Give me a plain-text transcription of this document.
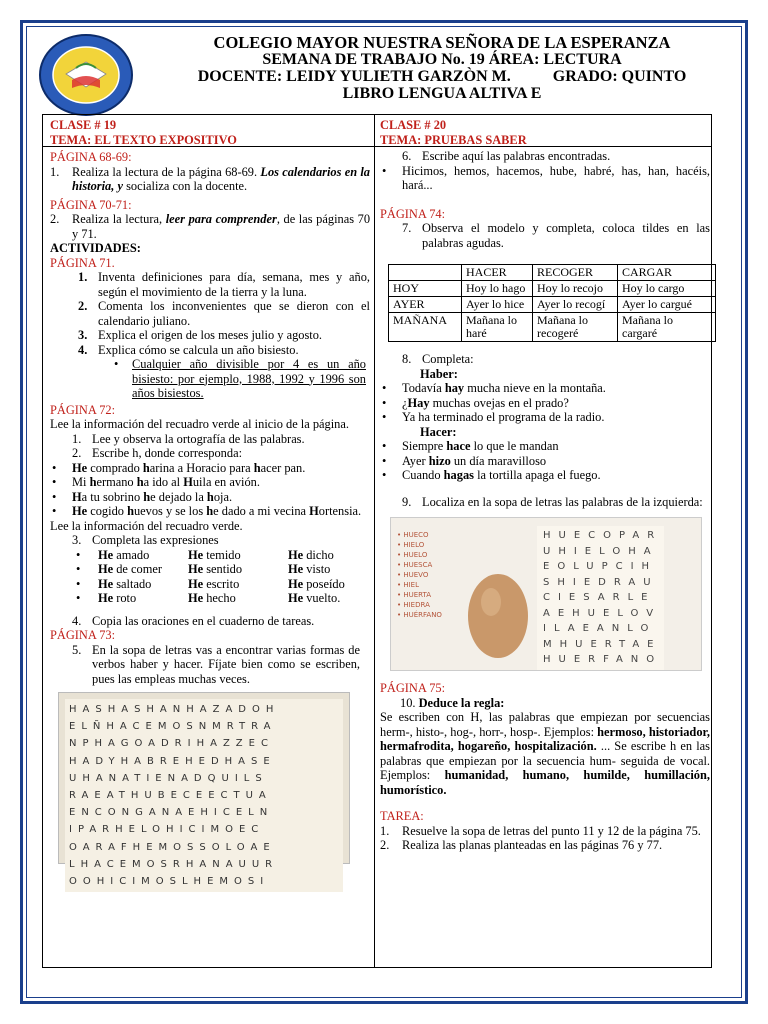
COLEGIO MAYOR NUESTRA SEÑORA DE LA ESPERANZA
SEMANA DE TRABAJO No. 19 ÁREA: LECTURA
DOCENTE: LEIDY YULIETH GARZÒN M.	GRADO: QUINTO
LIBRO LENGUA ALTIVA E
CLASE # 19
TEMA: EL TEXTO EXPOSITIVO
PÁGINA 68-69:
1. Realiza la lectura de la página 68-69. Los calendarios en la historia, y socializa con la docente.
PÁGINA 70-71:
2. Realiza la lectura, leer para comprender, de las páginas 70 y 71.
ACTIVIDADES:
PÁGINA 71.
1. Inventa definiciones para día, semana, mes y año, según el movimiento de la tierra y la luna.
2. Comenta los inconvenientes que se dieron con el calendario juliano.
3. Explica el origen de los meses julio y agosto.
4. Explica cómo se calcula un año bisiesto.
• Cualquier año divisible por 4 es un año bisiesto: por ejemplo, 1988, 1992 y 1996 son años bisiestos.
PÁGINA 72:
Lee la información del recuadro verde al inicio de la página.
1. Lee y observa la ortografía de las palabras.
2. Escribe h, donde corresponda:
• He comprado harina a Horacio para hacer pan.
• Mi hermano ha ido al Huila en avión.
• Ha tu sobrino he dejado la hoja.
• He cogido huevos y se los he dado a mi vecina Hortensia.
Lee la información del recuadro verde.
3. Completa las expresiones
• He amado	He temido	He dicho
• He de comer He sentido	He visto
• He saltado	He escrito	He poseído
• He roto	He hecho	He vuelto.
4. Copia las oraciones en el cuaderno de tareas.
PÁGINA 73:
5. En la sopa de letras vas a encontrar varias formas de verbos haber y hacer. Fíjate bien como se escriben, pues las empleas muchas veces.
HASHASHANHAZADOH
ELÑHACEMOSNMRTRA
NPHAGOADRIHAZZEC
HADYHABREHEDHASE
UHANATIENADQUILS
RAEATHUBECEECTUA
ENCONGANAEHICELN
IPARHELOHICIMOEC
OARAFHEMOSSOLOAE
LHACEMOSRHANAUUR
OOHICIMOSLHEMOSI
CLASE # 20
TEMA: PRUEBAS SABER
6. Escribe aquí las palabras encontradas.
• Hicimos, hemos, hacemos, hube, habré, has, han, hacéis, hará...
PÁGINA 74:
7. Observa el modelo y completa, coloca tildes en las palabras agudas.
	HACER	RECOGER	CARGAR
HOY	Hoy lo hago	Hoy lo recojo	Hoy lo cargo
AYER	Ayer lo hice	Ayer lo recogí	Ayer lo cargué
MAÑANA	Mañana lo haré	Mañana lo recogeré	Mañana lo cargaré
8. Completa:
Haber:
• Todavía hay mucha nieve en la montaña.
• ¿Hay muchas ovejas en el prado?
• Ya ha terminado el programa de la radio.
Hacer:
• Siempre hace lo que le mandan
• Ayer hizo un día maravilloso
• Cuando hagas la tortilla apaga el fuego.
9. Localiza en la sopa de letras las palabras de la izquierda:
• HUECO
• HIELO
• HUELO
• HUESCA
• HUEVO
• HIEL
• HUERTA
• HIEDRA
• HUÉRFANO
HUECOPAR
UHIELOHA
EOLUPCIH
SHIEDRAU
CIESARLE
AEHUELOV
ILAEANLO
MHUERTAE
HUERFANO
PÁGINA 75:
10. Deduce la regla:
Se escriben con H, las palabras que empiezan por secuencias herm-, histo-, hog-, horr-, hosp-. Ejemplos: hermoso, historiador, hermafrodita, hogareño, hospitalización. ... Se escribe h en las palabras que empiezan por la secuencia hum- seguida de vocal. Ejemplos: humanidad, humano, humilde, humillación, humorístico.
TAREA:
1. Resuelve la sopa de letras del punto 11 y 12 de la página 75.
2. Realiza las planas planteadas en las páginas 76 y 77.
